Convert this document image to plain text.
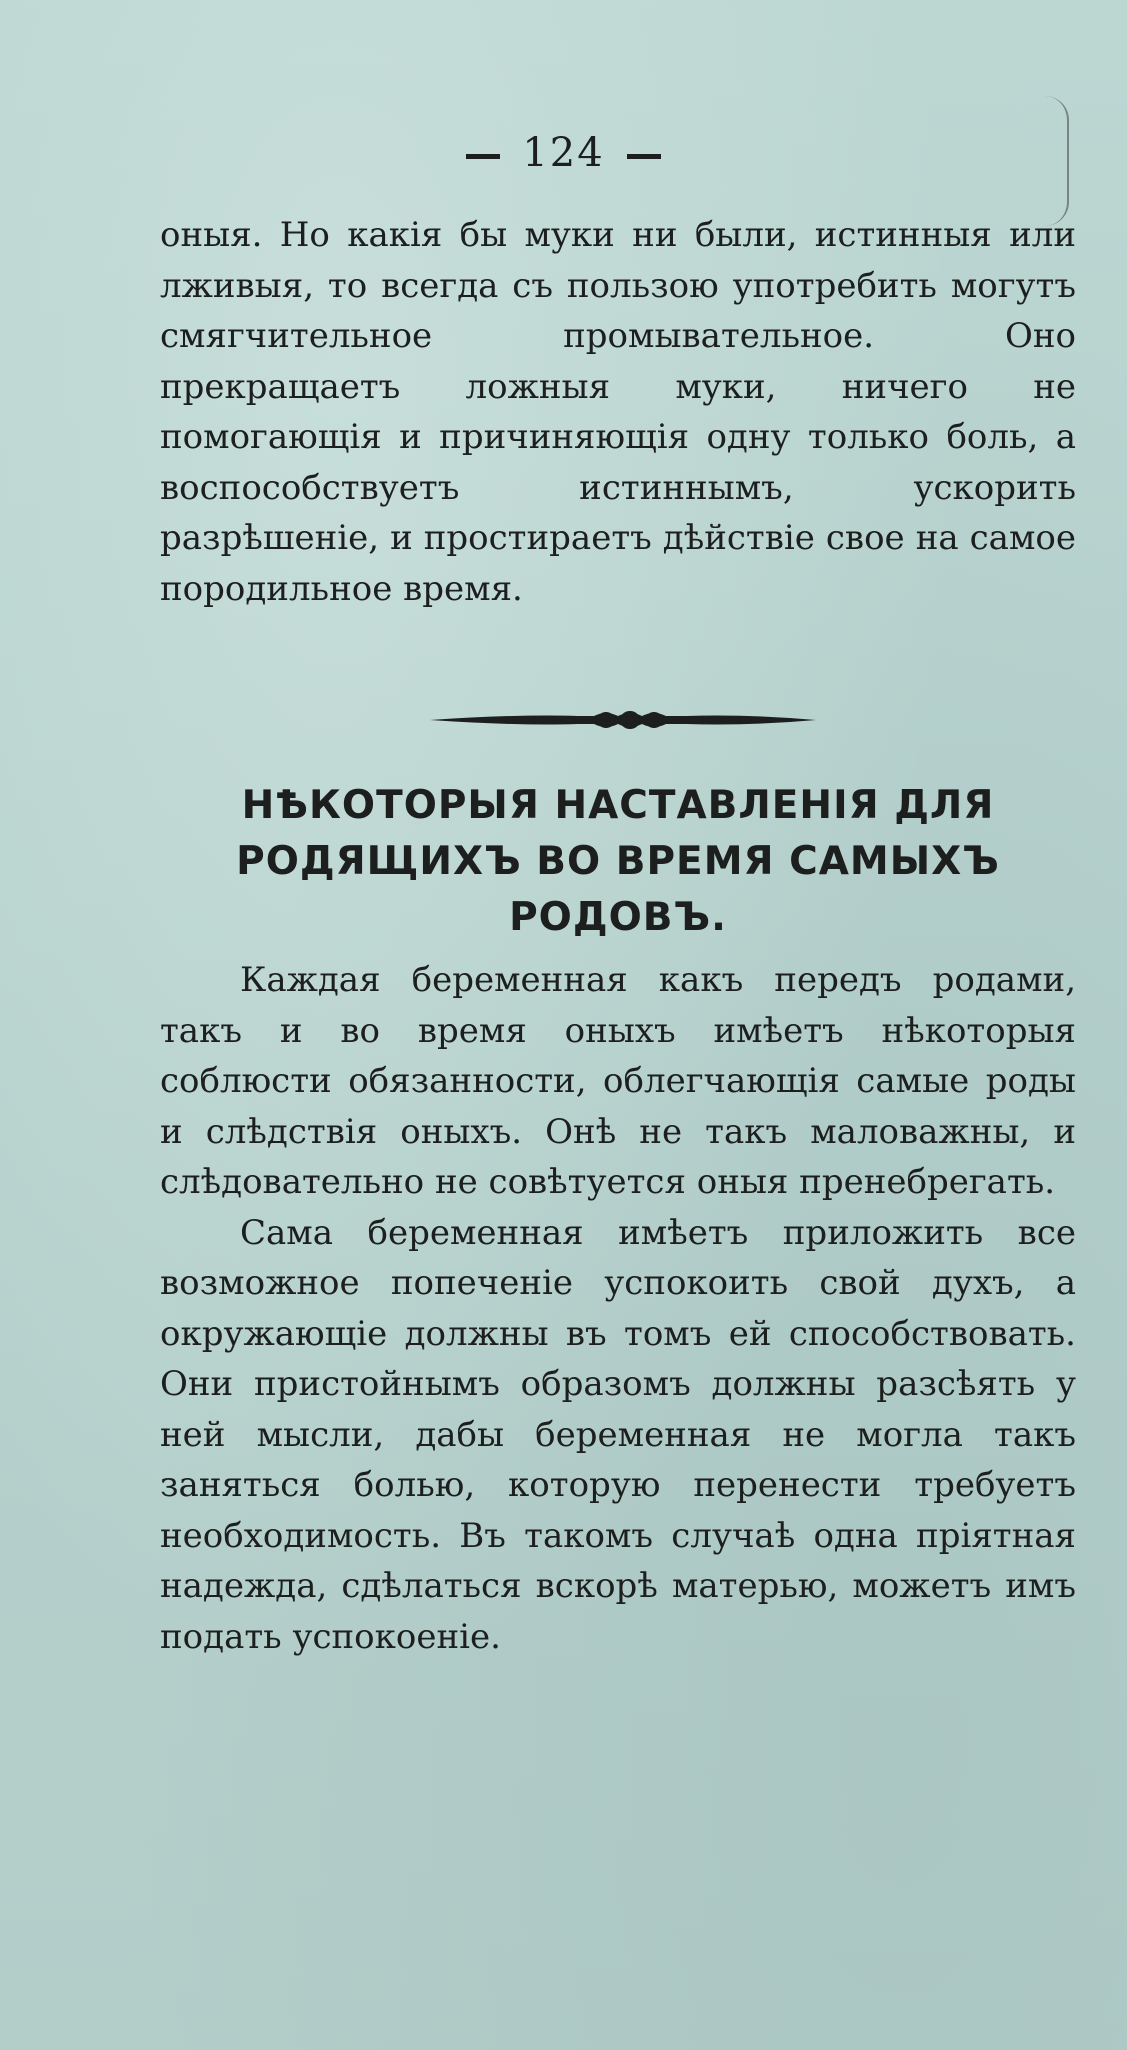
124

оныя. Но какія бы муки ни были, истинныя или лживыя, то всегда съ пользою употребить могутъ смягчительное промывательное. Оно прекращаетъ ложныя муки, ничего не помогающія и причиняющія одну только боль, а воспособствуетъ истиннымъ, ускорить разрѣшеніе, и простираетъ дѣйствіе свое на самое породильное время.

НѢКОТОРЫЯ НАСТАВЛЕНІЯ ДЛЯ РОДЯЩИХЪ ВО ВРЕМЯ САМЫХЪ РОДОВЪ.

Каждая беременная какъ передъ родами, такъ и во время оныхъ имѣетъ нѣкоторыя соблюсти обязанности, облегчающія самые роды и слѣдствія оныхъ. Онѣ не такъ маловажны, и слѣдовательно не совѣтуется оныя пренебрегать.

Сама беременная имѣетъ приложить все возможное попеченіе успокоить свой духъ, а окружающіе должны въ томъ ей способствовать. Они пристойнымъ образомъ должны разсѣять у ней мысли, дабы беременная не могла такъ заняться болью, которую перенести требуетъ необходимость. Въ такомъ случаѣ одна пріятная надежда, сдѣлаться вскорѣ матерью, можетъ имъ подать успокоеніе.
